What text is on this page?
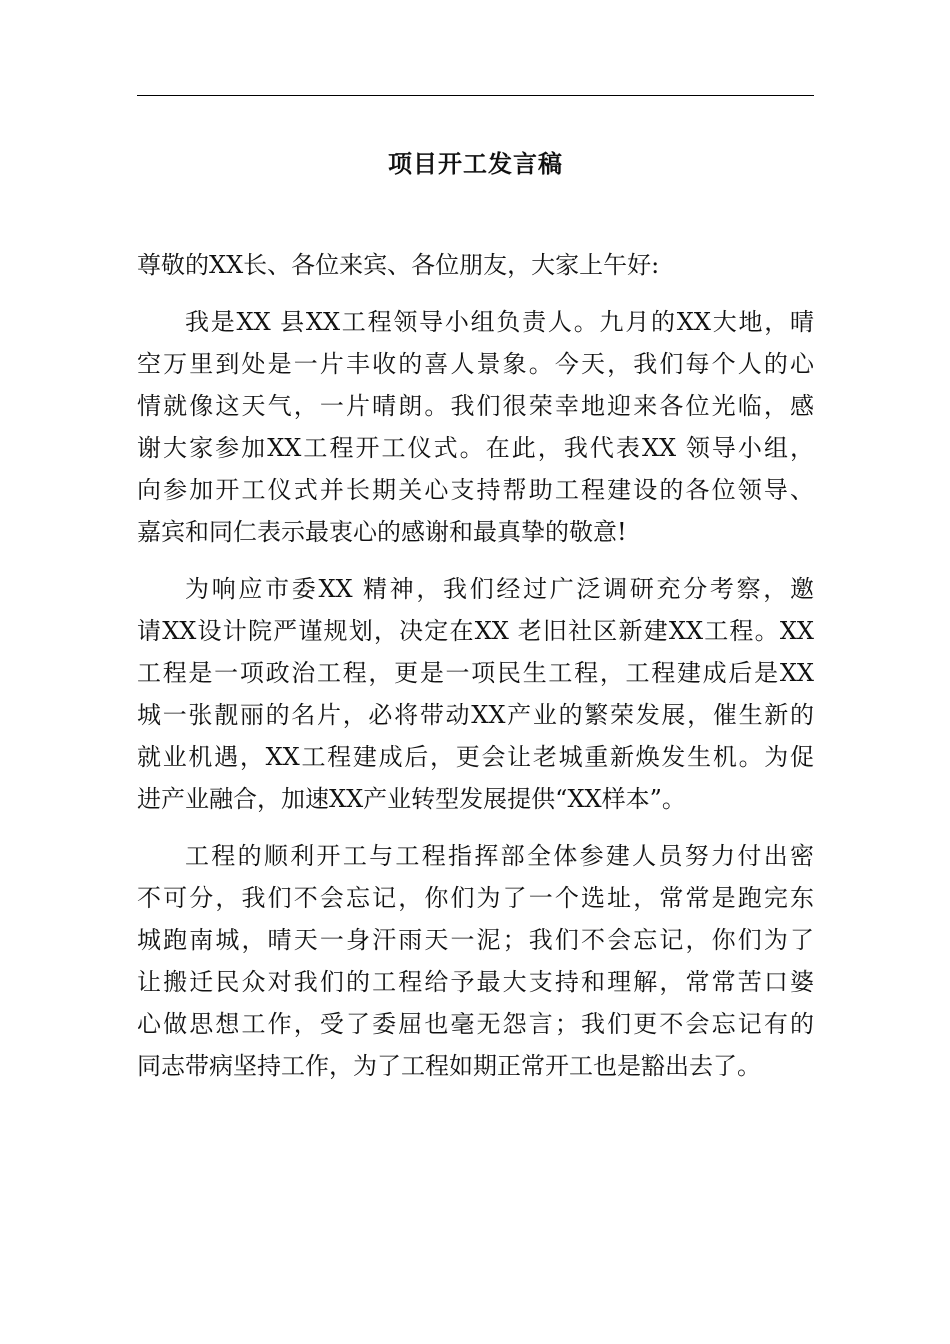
项目开工发言稿
尊敬的XX长、各位来宾、各位朋友，大家上午好:
我是XX 县XX工程领导小组负责人。九月的XX大地，晴
空万里到处是一片丰收的喜人景象。今天，我们每个人的心
情就像这天气，一片晴朗。我们很荣幸地迎来各位光临，感
谢大家参加XX工程开工仪式。在此，我代表XX 领导小组，
向参加开工仪式并长期关心支持帮助工程建设的各位领导、
嘉宾和同仁表示最衷心的感谢和最真挚的敬意!
为响应市委XX 精神，我们经过广泛调研充分考察，邀
请XX设计院严谨规划，决定在XX 老旧社区新建XX工程。XX
工程是一项政治工程，更是一项民生工程，工程建成后是XX
城一张靓丽的名片，必将带动XX产业的繁荣发展，催生新的
就业机遇，XX工程建成后，更会让老城重新焕发生机。为促
进产业融合，加速XX产业转型发展提供“XX样本”。
工程的顺利开工与工程指挥部全体参建人员努力付出密
不可分，我们不会忘记，你们为了一个选址，常常是跑完东
城跑南城，晴天一身汗雨天一泥；我们不会忘记，你们为了
让搬迁民众对我们的工程给予最大支持和理解，常常苦口婆
心做思想工作，受了委屈也毫无怨言；我们更不会忘记有的
同志带病坚持工作，为了工程如期正常开工也是豁出去了。
